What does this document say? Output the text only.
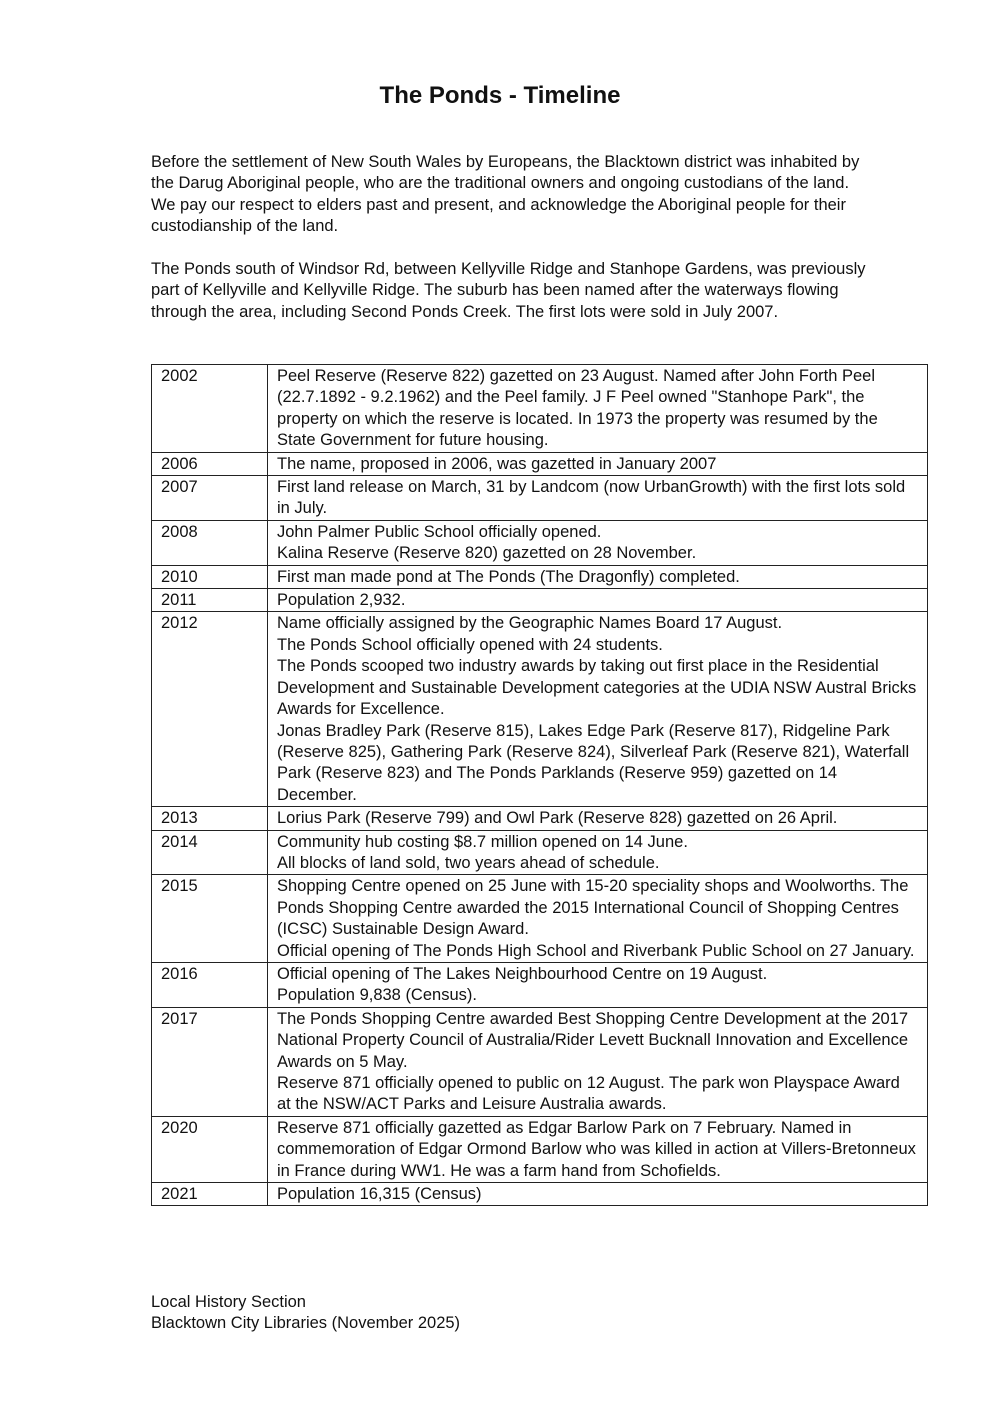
The Ponds - Timeline

Before the settlement of New South Wales by Europeans, the Blacktown district was inhabited by the Darug Aboriginal people, who are the traditional owners and ongoing custodians of the land. We pay our respect to elders past and present, and acknowledge the Aboriginal people for their custodianship of the land.

The Ponds south of Windsor Rd, between Kellyville Ridge and Stanhope Gardens, was previously part of Kellyville and Kellyville Ridge. The suburb has been named after the waterways flowing through the area, including Second Ponds Creek. The first lots were sold in July 2007.

2002	Peel Reserve (Reserve 822) gazetted on 23 August. Named after John Forth Peel (22.7.1892 - 9.2.1962) and the Peel family. J F Peel owned "Stanhope Park", the property on which the reserve is located. In 1973 the property was resumed by the State Government for future housing.

2006	The name, proposed in 2006, was gazetted in January 2007

2007	First land release on March, 31 by Landcom (now UrbanGrowth) with the first lots sold in July.

2008	John Palmer Public School officially opened.
Kalina Reserve (Reserve 820) gazetted on 28 November.

2010	First man made pond at The Ponds (The Dragonfly) completed.

2011	Population 2,932.

2012	Name officially assigned by the Geographic Names Board 17 August.
The Ponds School officially opened with 24 students.
The Ponds scooped two industry awards by taking out first place in the Residential Development and Sustainable Development categories at the UDIA NSW Austral Bricks Awards for Excellence.
Jonas Bradley Park (Reserve 815), Lakes Edge Park (Reserve 817), Ridgeline Park (Reserve 825), Gathering Park (Reserve 824), Silverleaf Park (Reserve 821), Waterfall Park (Reserve 823) and The Ponds Parklands (Reserve 959) gazetted on 14 December.

2013	Lorius Park (Reserve 799) and Owl Park (Reserve 828) gazetted on 26 April.

2014	Community hub costing $8.7 million opened on 14 June.
All blocks of land sold, two years ahead of schedule.

2015	Shopping Centre opened on 25 June with 15-20 speciality shops and Woolworths. The Ponds Shopping Centre awarded the 2015 International Council of Shopping Centres (ICSC) Sustainable Design Award.
Official opening of The Ponds High School and Riverbank Public School on 27 January.

2016	Official opening of The Lakes Neighbourhood Centre on 19 August.
Population 9,838 (Census).

2017	The Ponds Shopping Centre awarded Best Shopping Centre Development at the 2017 National Property Council of Australia/Rider Levett Bucknall Innovation and Excellence Awards on 5 May.
Reserve 871 officially opened to public on 12 August. The park won Playspace Award at the NSW/ACT Parks and Leisure Australia awards.

2020	Reserve 871 officially gazetted as Edgar Barlow Park on 7 February. Named in commemoration of Edgar Ormond Barlow who was killed in action at Villers-Bretonneux in France during WW1. He was a farm hand from Schofields.

2021	Population 16,315 (Census)
Local History Section
Blacktown City Libraries (November 2025)
